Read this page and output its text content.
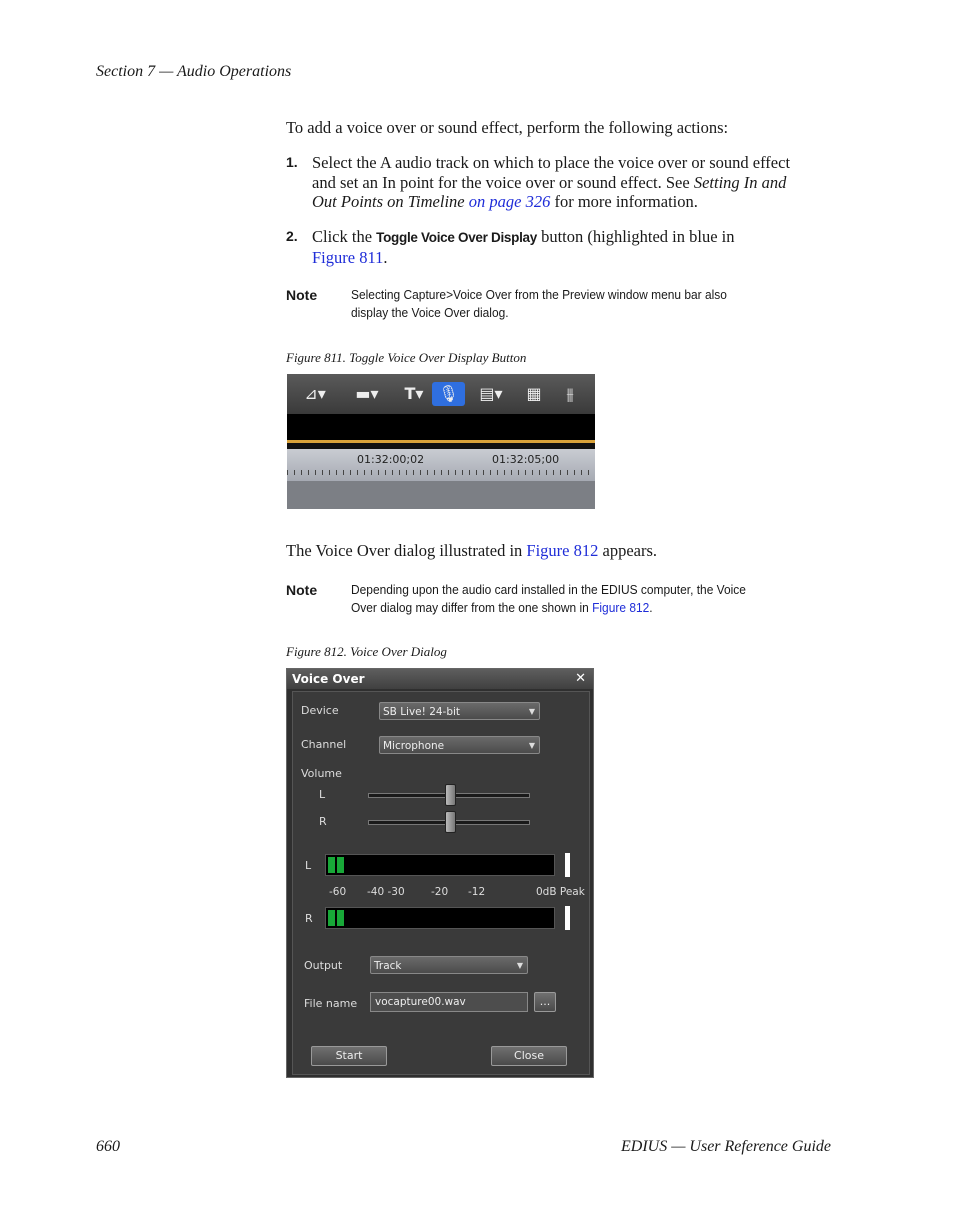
Section 7 — Audio Operations
To add a voice over or sound effect, perform the following actions:
1. Select the A audio track on which to place the voice over or sound effect
and set an In point for the voice over or sound effect. See Setting In and
Out Points on Timeline on page 326 for more information.
2. Click the Toggle Voice Over Display button (highlighted in blue in
Figure 811.
Note	Selecting Capture>Voice Over from the Preview window menu bar also
display the Voice Over dialog.
Figure 811. Toggle Voice Over Display Button
⊿▾	▬▾	T▾ 🎙	▤▾	▦	⫵
01:32:00;02	01:32:05;00
The Voice Over dialog illustrated in Figure 812 appears.
Note	Depending upon the audio card installed in the EDIUS computer, the Voice
Over dialog may differ from the one shown in Figure 812.
Figure 812. Voice Over Dialog
Voice Over	✕
Device	SB Live! 24-bit	▼
Channel	Microphone	▼
Volume
L
R
L
-60 -40 -30	-20 -12	0dB Peak
R
Output	Track	▼
File name	vocapture00.wav	...
Start	Close
660	EDIUS — User Reference Guide
